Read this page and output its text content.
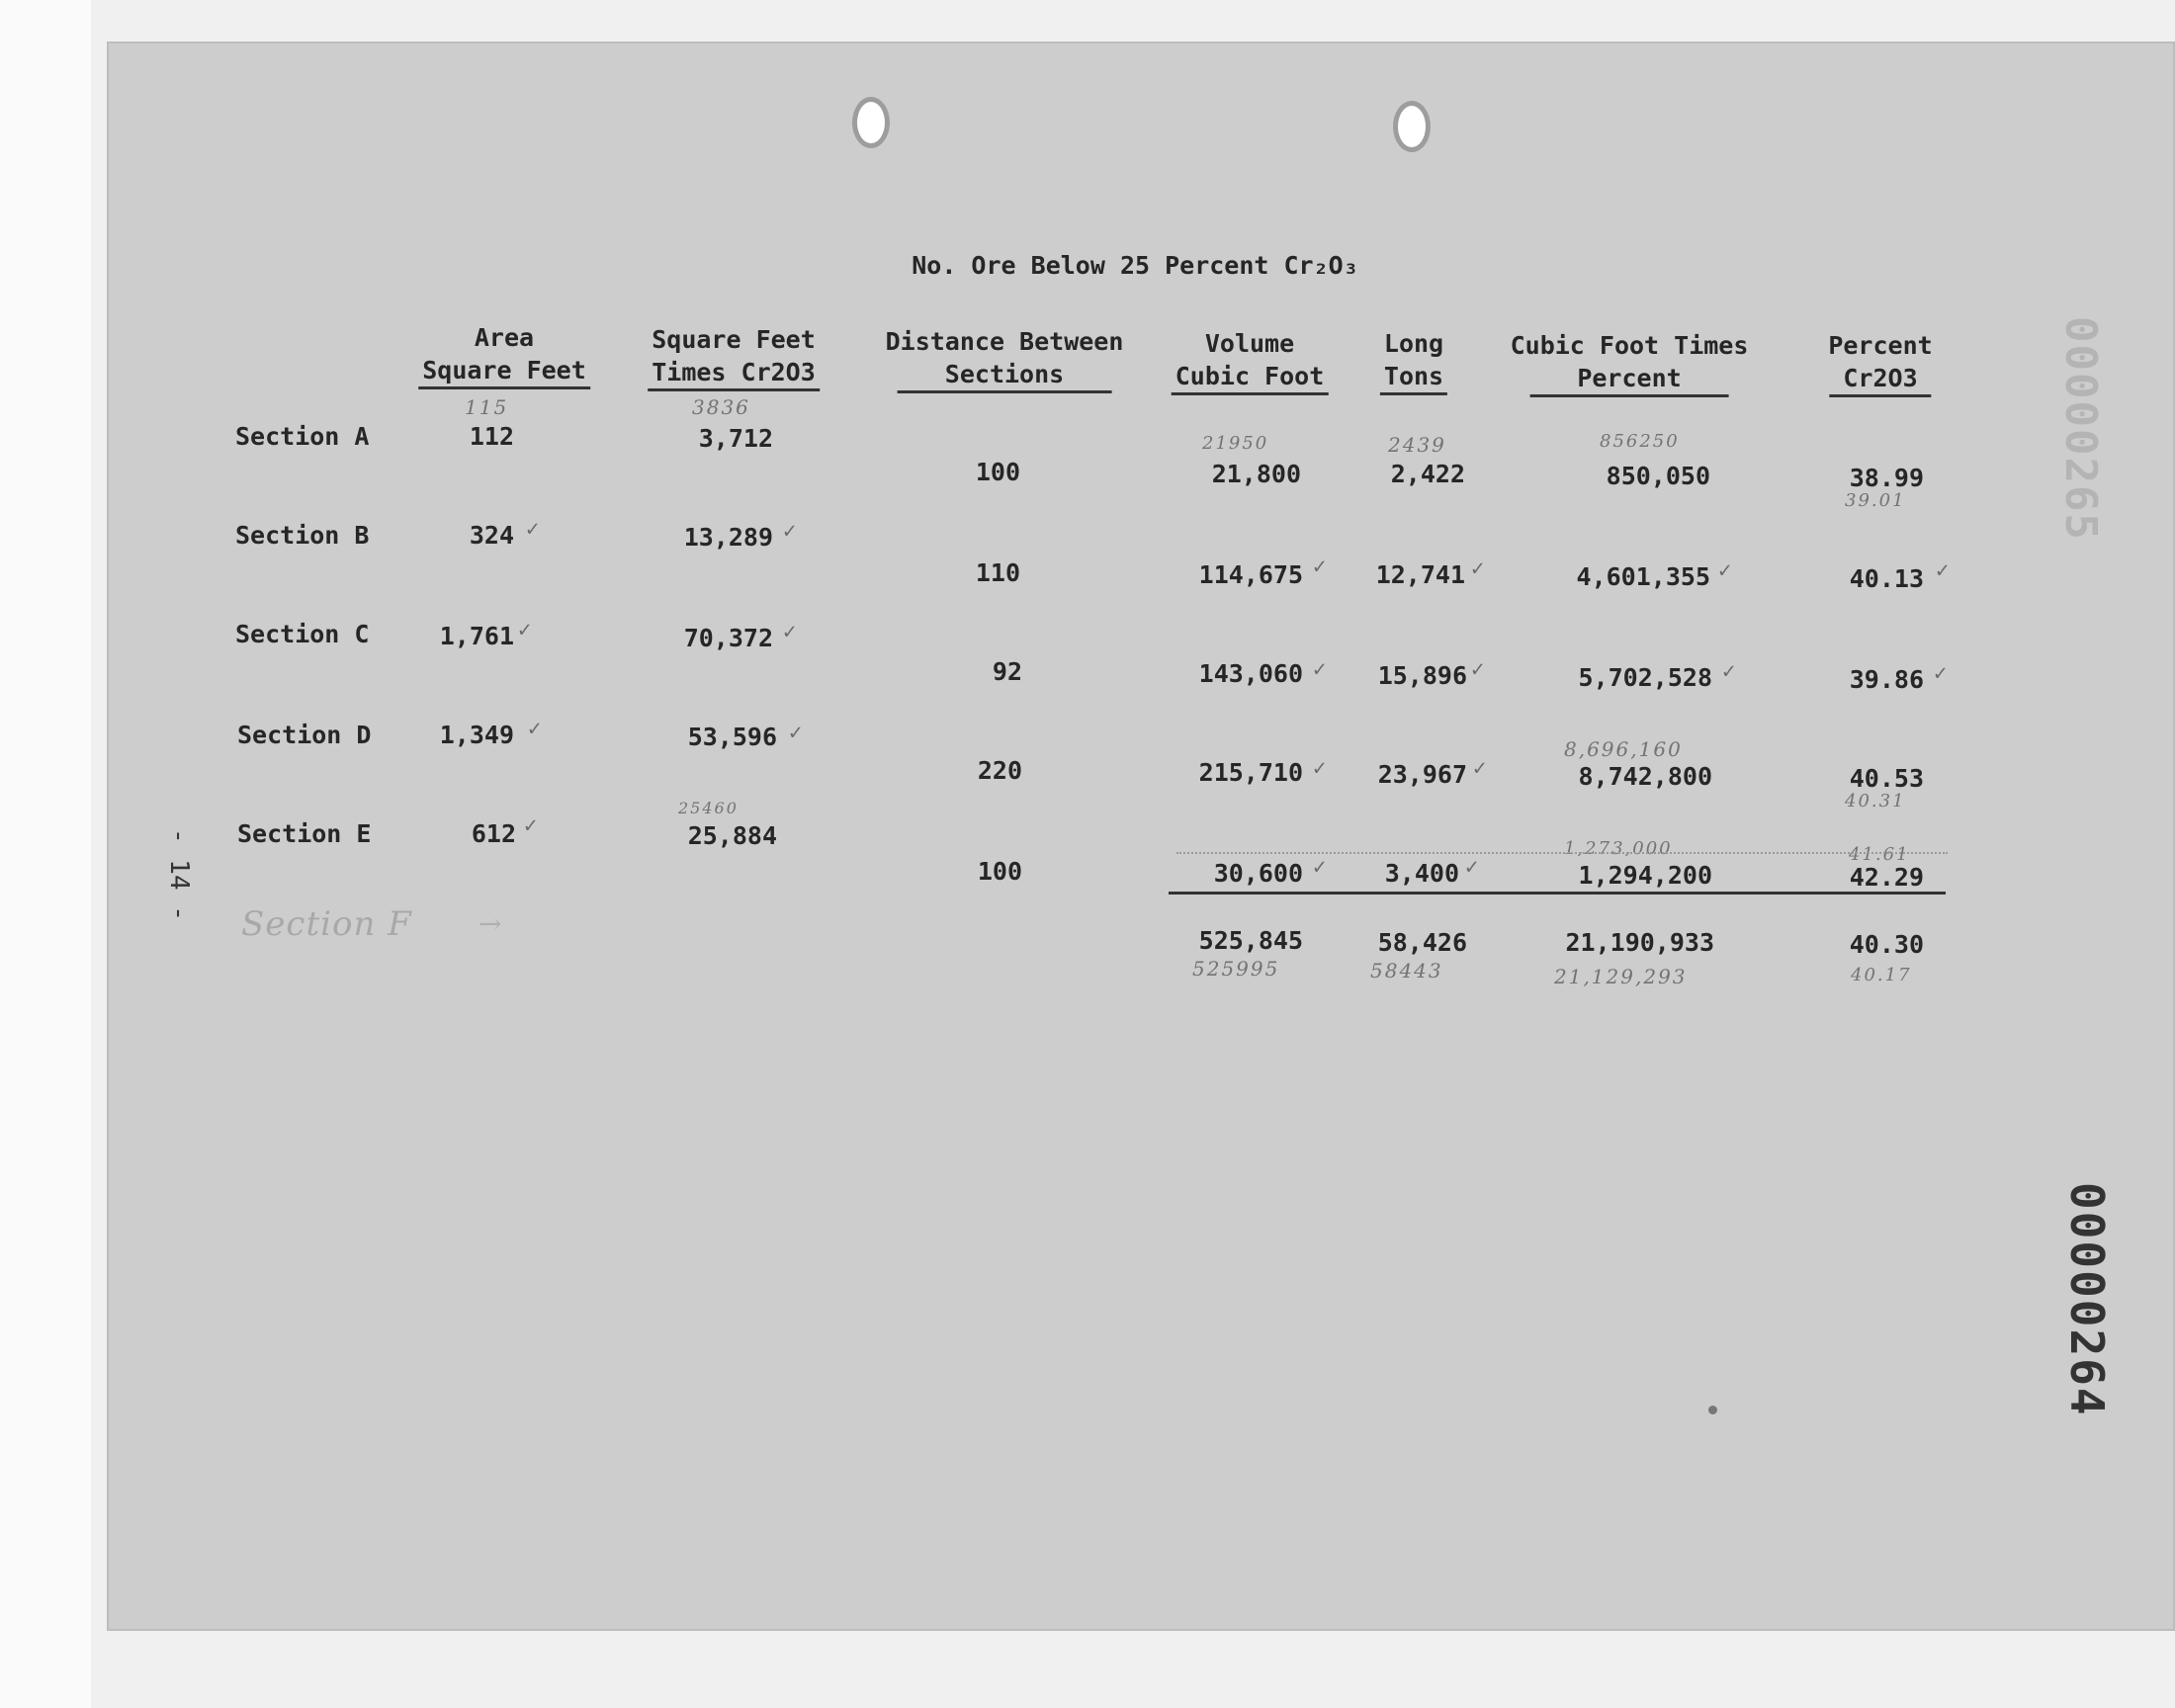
No. Ore Below 25 Percent Cr₂O₃
Area
Square Feet
Square Feet
Times Cr2O3
Distance Between
Sections
Volume
Cubic Foot
Long
Tons
Cubic Foot Times
Percent
Percent
Cr2O3
Section A
Section B
Section C
Section D
Section E
115
112
324
1,761
1,349
612
✓
✓
✓
✓
3836
3,712
13,289
70,372
53,596
25460
25,884
✓
✓
✓
100
110
92
220
100
21950
21,800
114,675
143,060
215,710
30,600
✓
✓
✓
✓
2439
2,422
12,741
15,896
23,967
3,400
✓
✓
✓
✓
856250
850,050
4,601,355
5,702,528
8,696,160
8,742,800
1,273,000
1,294,200
✓
✓
38.99
39.01
40.13
39.86
40.53
40.31
41.61
42.29
✓
✓
525,845
525995
58,426
58443
21,190,933
21,129,293
40.30
40.17
Section F →
- 14 -
00000265
00000264
